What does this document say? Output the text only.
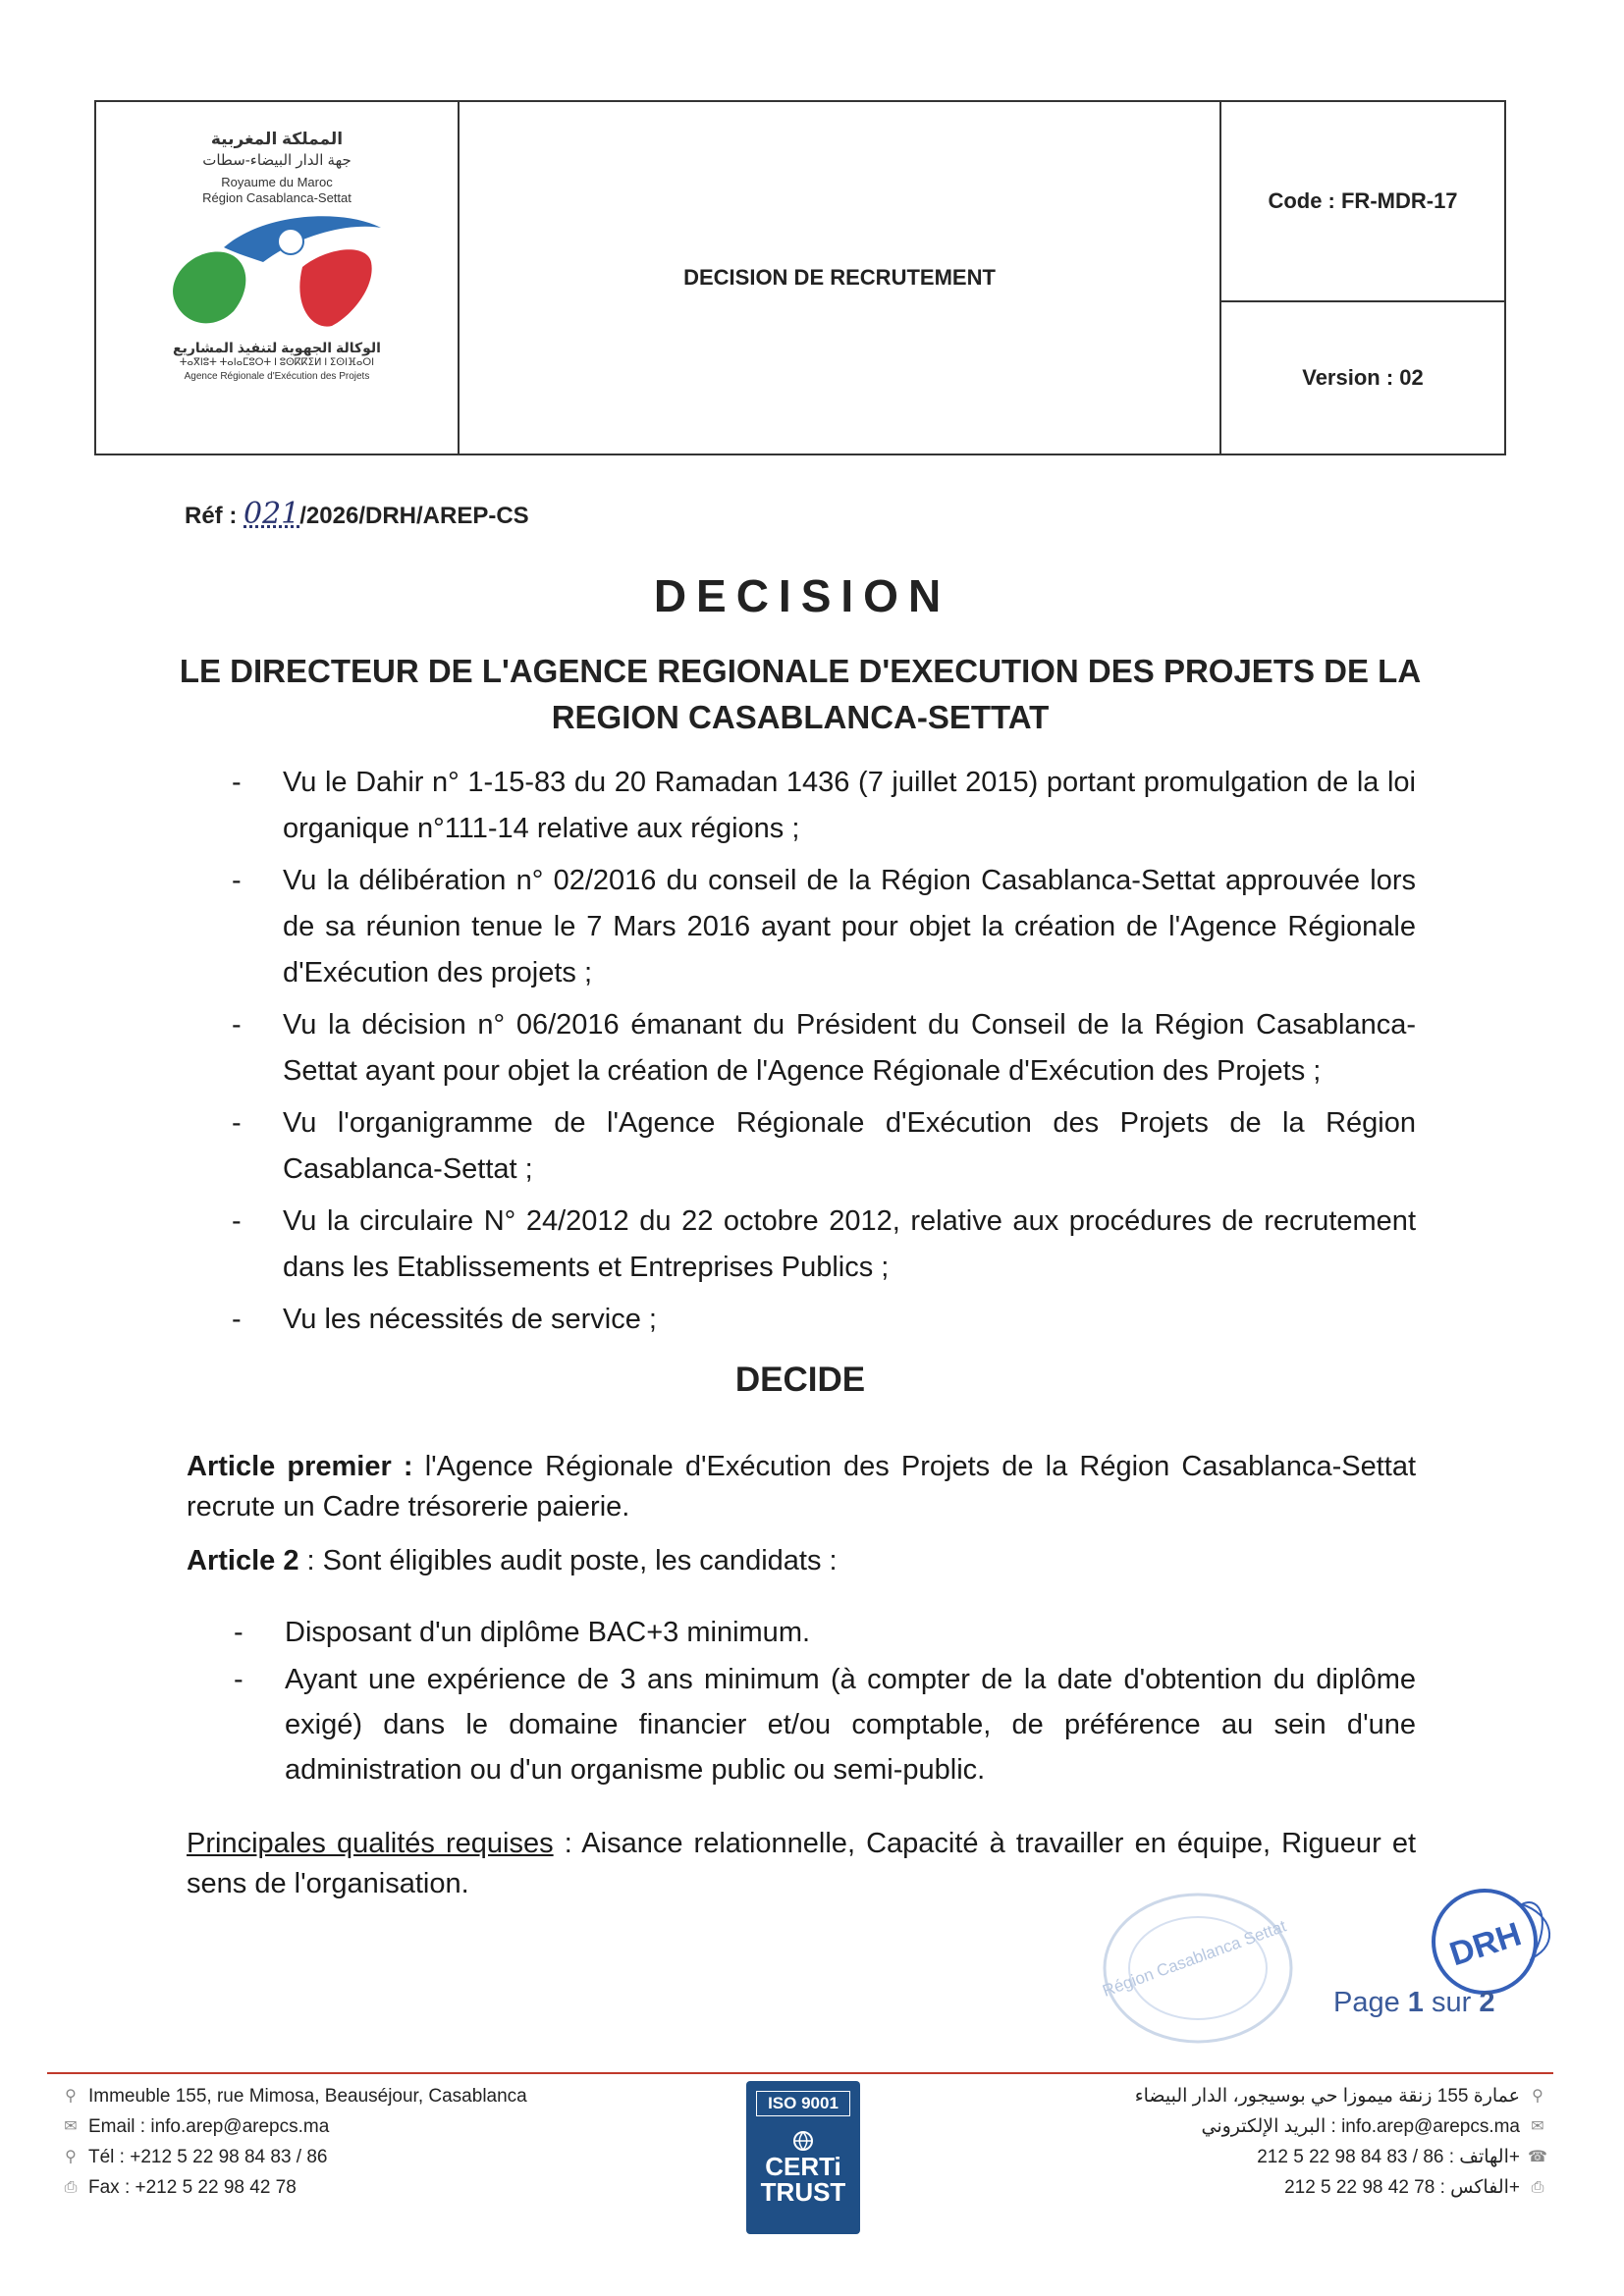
المملكة المغربية
جهة الدار البيضاء-سطات
Royaume du Maroc
Région Casablanca-Settat
الوكالة الجهوية لتنفيذ المشاريع
ⵜⴰⴳⵏⵓⵜ ⵜⴰⵏⴰⵎⵓⵔⵜ ⵏ ⵓⵙⴽⴽⵉⵍ ⵏ ⵉⵙⵏⴼⴰⵔⵏ
Agence Régionale d'Exécution des Projets
DECISION DE RECRUTEMENT
Code : FR-MDR-17
Version : 02
Réf : 021/2026/DRH/AREP-CS
DECISION
LE DIRECTEUR DE L'AGENCE REGIONALE D'EXECUTION DES PROJETS DE LA REGION CASABLANCA-SETTAT
- Vu le Dahir n° 1-15-83 du 20 Ramadan 1436 (7 juillet 2015) portant promulgation de la loi organique n°111-14 relative aux régions ;
- Vu la délibération n° 02/2016 du conseil de la Région Casablanca-Settat approuvée lors de sa réunion tenue le 7 Mars 2016 ayant pour objet la création de l'Agence Régionale d'Exécution des projets ;
- Vu la décision n° 06/2016 émanant du Président du Conseil de la Région Casablanca-Settat ayant pour objet la création de l'Agence Régionale d'Exécution des Projets ;
- Vu l'organigramme de l'Agence Régionale d'Exécution des Projets de la Région Casablanca-Settat ;
- Vu la circulaire N° 24/2012 du 22 octobre 2012, relative aux procédures de recrutement dans les Etablissements et Entreprises Publics ;
- Vu les nécessités de service ;
DECIDE
Article premier : l'Agence Régionale d'Exécution des Projets de la Région Casablanca-Settat recrute un Cadre trésorerie paierie.
Article 2 : Sont éligibles audit poste, les candidats :
- Disposant d'un diplôme BAC+3 minimum.
- Ayant une expérience de 3 ans minimum (à compter de la date d'obtention du diplôme exigé) dans le domaine financier et/ou comptable, de préférence au sein d'une administration ou d'un organisme public ou semi-public.
Principales qualités requises : Aisance relationnelle, Capacité à travailler en équipe, Rigueur et sens de l'organisation.
Région Casablanca Settat	DRH
Page 1 sur 2
⚲ Immeuble 155, rue Mimosa, Beauséjour, Casablanca
✉ Email : info.arep@arepcs.ma
⚲ Tél : +212 5 22 98 84 83 / 86
⎙ Fax : +212 5 22 98 42 78
ISO 9001
CERTi
TRUST
عمارة 155 زنقة ميموزا حي بوسيجور، الدار البيضاء ⚲
البريد الإلكتروني : info.arep@arepcs.ma ✉
الهاتف : 86 / 83 84 98 22 5 212+ ☎
الفاكس : 78 42 98 22 5 212+ ⎙
